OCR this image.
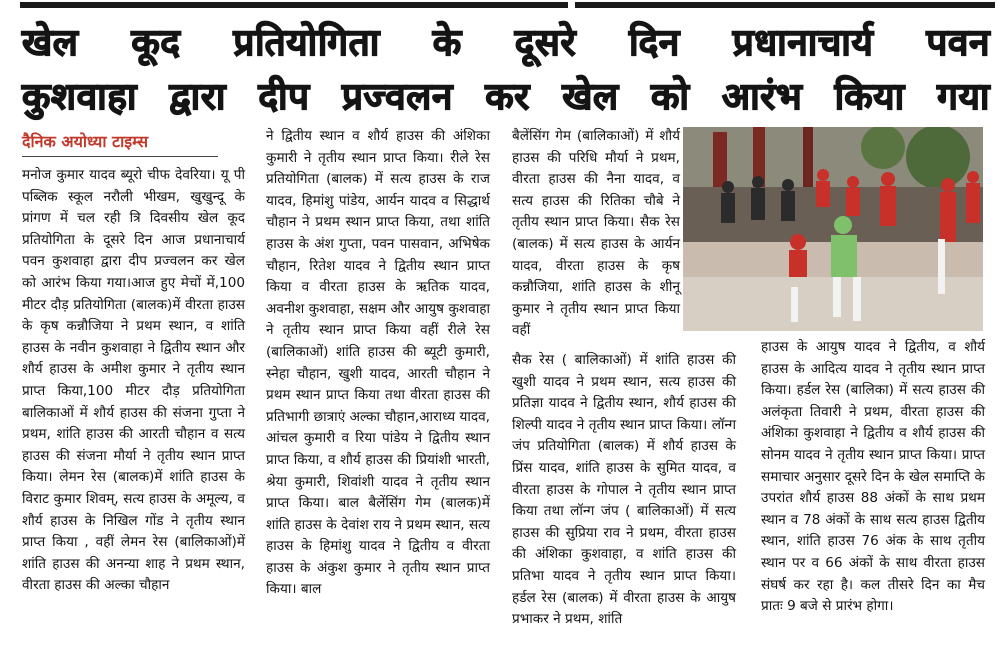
खेल कूद प्रतियोगिता के दूसरे दिन प्रधानाचार्य पवन
कुशवाहा द्वारा दीप प्रज्वलन कर खेल को आरंभ किया गया
दैनिक अयोध्या टाइम्स

मनोज कुमार यादव ब्यूरो चीफ देवरिया। यू पी पब्लिक स्कूल नरौली भीखम, खुखुन्दू के प्रांगण में चल रही त्रि दिवसीय खेल कूद प्रतियोगिता के दूसरे दिन आज प्रधानाचार्य पवन कुशवाहा द्वारा दीप प्रज्वलन कर खेल को आरंभ किया गया।आज हुए मेचों में,100 मीटर दौड़ प्रतियोगिता (बालक)में वीरता हाउस के कृष कन्नौजिया ने प्रथम स्थान, व शांति हाउस के नवीन कुशवाहा ने द्वितीय स्थान और शौर्य हाउस के अमीश कुमार ने तृतीय स्थान प्राप्त किया,100 मीटर दौड़ प्रतियोगिता बालिकाओं में शौर्य हाउस की संजना गुप्ता ने प्रथम, शांति हाउस की आरती चौहान व सत्य हाउस की संजना मौर्या ने तृतीय स्थान प्राप्त किया। लेमन रेस (बालक)में शांति हाउस के विराट कुमार शिवम्, सत्य हाउस के अमूल्य, व शौर्य हाउस के निखिल गोंड ने तृतीय स्थान प्राप्त किया , वहीं लेमन रेस (बालिकाओं)में शांति हाउस की अनन्या शाह ने प्रथम स्थान, वीरता हाउस की अल्का चौहान

ने द्वितीय स्थान व शौर्य हाउस की अंशिका कुमारी ने तृतीय स्थान प्राप्त किया। रीले रेस प्रतियोगिता (बालक) में सत्य हाउस के राज यादव, हिमांशु पांडेय, आर्यन यादव व सिद्धार्थ चौहान ने प्रथम स्थान प्राप्त किया, तथा शांति हाउस के अंश गुप्ता, पवन पासवान, अभिषेक चौहान, रितेश यादव ने द्वितीय स्थान प्राप्त किया व वीरता हाउस के ऋतिक यादव, अवनीश कुशवाहा, सक्षम और आयुष कुशवाहा ने तृतीय स्थान प्राप्त किया वहीं रीले रेस (बालिकाओं) शांति हाउस की ब्यूटी कुमारी, स्नेहा चौहान, खुशी यादव, आरती चौहान ने प्रथम स्थान प्राप्त किया तथा वीरता हाउस की प्रतिभागी छात्राएं अल्का चौहान,आराध्य यादव, आंचल कुमारी व रिया पांडेय ने द्वितीय स्थान प्राप्त किया, व शौर्य हाउस की प्रियांशी भारती, श्रेया कुमारी, शिवांशी यादव ने तृतीय स्थान प्राप्त किया। बाल बैलेंसिंग गेम (बालक)में शांति हाउस के देवांश राय ने प्रथम स्थान, सत्य हाउस के हिमांशु यादव ने द्वितीय व वीरता हाउस के अंकुश कुमार ने तृतीय स्थान प्राप्त किया। बाल

बैलेंसिंग गेम (बालिकाओं) में शौर्य हाउस की परिधि मौर्या ने प्रथम, वीरता हाउस की नैना यादव, व सत्य हाउस की रितिका चौबे ने तृतीय स्थान प्राप्त किया। सैक रेस (बालक) में सत्य हाउस के आर्यन यादव, वीरता हाउस के कृष कन्नौजिया, शांति हाउस के शीनू कुमार ने तृतीय स्थान प्राप्त किया वहीं

सैक रेस ( बालिकाओं) में शांति हाउस की खुशी यादव ने प्रथम स्थान, सत्य हाउस की प्रतिज्ञा यादव ने द्वितीय स्थान, शौर्य हाउस की शिल्पी यादव ने तृतीय स्थान प्राप्त किया। लॉन्ग जंप प्रतियोगिता (बालक) में शौर्य हाउस के प्रिंस यादव, शांति हाउस के सुमित यादव, व वीरता हाउस के गोपाल ने तृतीय स्थान प्राप्त किया तथा लॉन्ग जंप ( बालिकाओं) में सत्य हाउस की सुप्रिया राव ने प्रथम, वीरता हाउस की अंशिका कुशवाहा, व शांति हाउस की प्रतिभा यादव ने तृतीय स्थान प्राप्त किया। हर्डल रेस (बालक) में वीरता हाउस के आयुष प्रभाकर ने प्रथम, शांति

हाउस के आयुष यादव ने द्वितीय, व शौर्य हाउस के आदित्य यादव ने तृतीय स्थान प्राप्त किया। हर्डल रेस (बालिका) में सत्य हाउस की अलंकृता तिवारी ने प्रथम, वीरता हाउस की अंशिका कुशवाहा ने द्वितीय व शौर्य हाउस की सोनम यादव ने तृतीय स्थान प्राप्त किया। प्राप्त समाचार अनुसार दूसरे दिन के खेल समाप्ति के उपरांत शौर्य हाउस 88 अंकों के साथ प्रथम स्थान व 78 अंकों के साथ सत्य हाउस द्वितीय स्थान, शांति हाउस 76 अंक के साथ तृतीय स्थान पर व 66 अंकों के साथ वीरता हाउस संघर्ष कर रहा है। कल तीसरे दिन का मैच प्रातः 9 बजे से प्रारंभ होगा।
